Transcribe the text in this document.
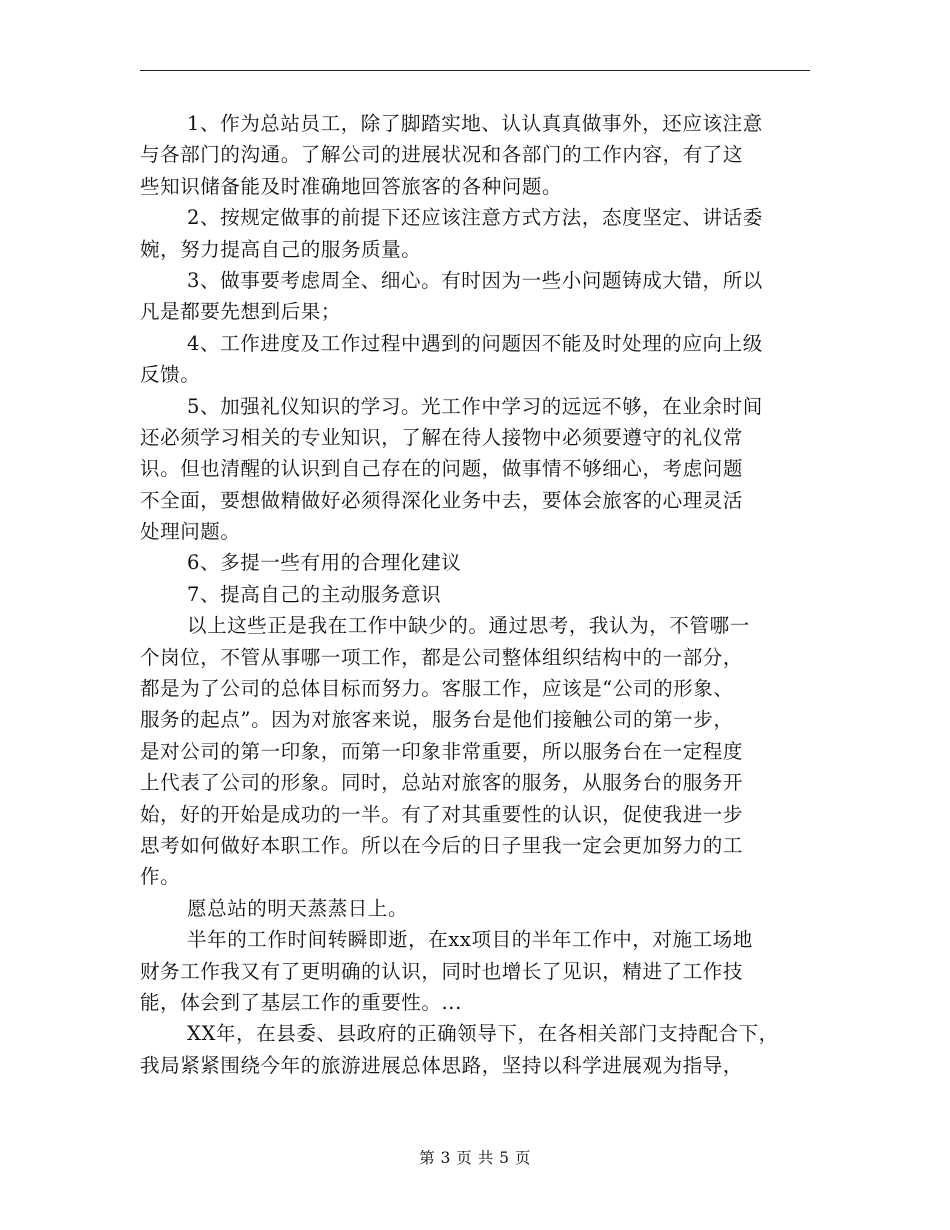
1、作为总站员工，除了脚踏实地、认认真真做事外，还应该注意
与各部门的沟通。了解公司的进展状况和各部门的工作内容，有了这
些知识储备能及时准确地回答旅客的各种问题。
2、按规定做事的前提下还应该注意方式方法，态度坚定、讲话委
婉，努力提高自己的服务质量。
3、做事要考虑周全、细心。有时因为一些小问题铸成大错，所以
凡是都要先想到后果；
4、工作进度及工作过程中遇到的问题因不能及时处理的应向上级
反馈。
5、加强礼仪知识的学习。光工作中学习的远远不够，在业余时间
还必须学习相关的专业知识，了解在待人接物中必须要遵守的礼仪常
识。但也清醒的认识到自己存在的问题，做事情不够细心，考虑问题
不全面，要想做精做好必须得深化业务中去，要体会旅客的心理灵活
处理问题。
6、多提一些有用的合理化建议
7、提高自己的主动服务意识
以上这些正是我在工作中缺少的。通过思考，我认为，不管哪一
个岗位，不管从事哪一项工作，都是公司整体组织结构中的一部分，
都是为了公司的总体目标而努力。客服工作，应该是“公司的形象、
服务的起点”。因为对旅客来说，服务台是他们接触公司的第一步，
是对公司的第一印象，而第一印象非常重要，所以服务台在一定程度
上代表了公司的形象。同时，总站对旅客的服务，从服务台的服务开
始，好的开始是成功的一半。有了对其重要性的认识，促使我进一步
思考如何做好本职工作。所以在今后的日子里我一定会更加努力的工
作。
愿总站的明天蒸蒸日上。
半年的工作时间转瞬即逝，在xx项目的半年工作中，对施工场地
财务工作我又有了更明确的认识，同时也增长了见识，精进了工作技
能，体会到了基层工作的重要性。...
XX年，在县委、县政府的正确领导下，在各相关部门支持配合下，
我局紧紧围绕今年的旅游进展总体思路，坚持以科学进展观为指导，
第 3 页 共 5 页
